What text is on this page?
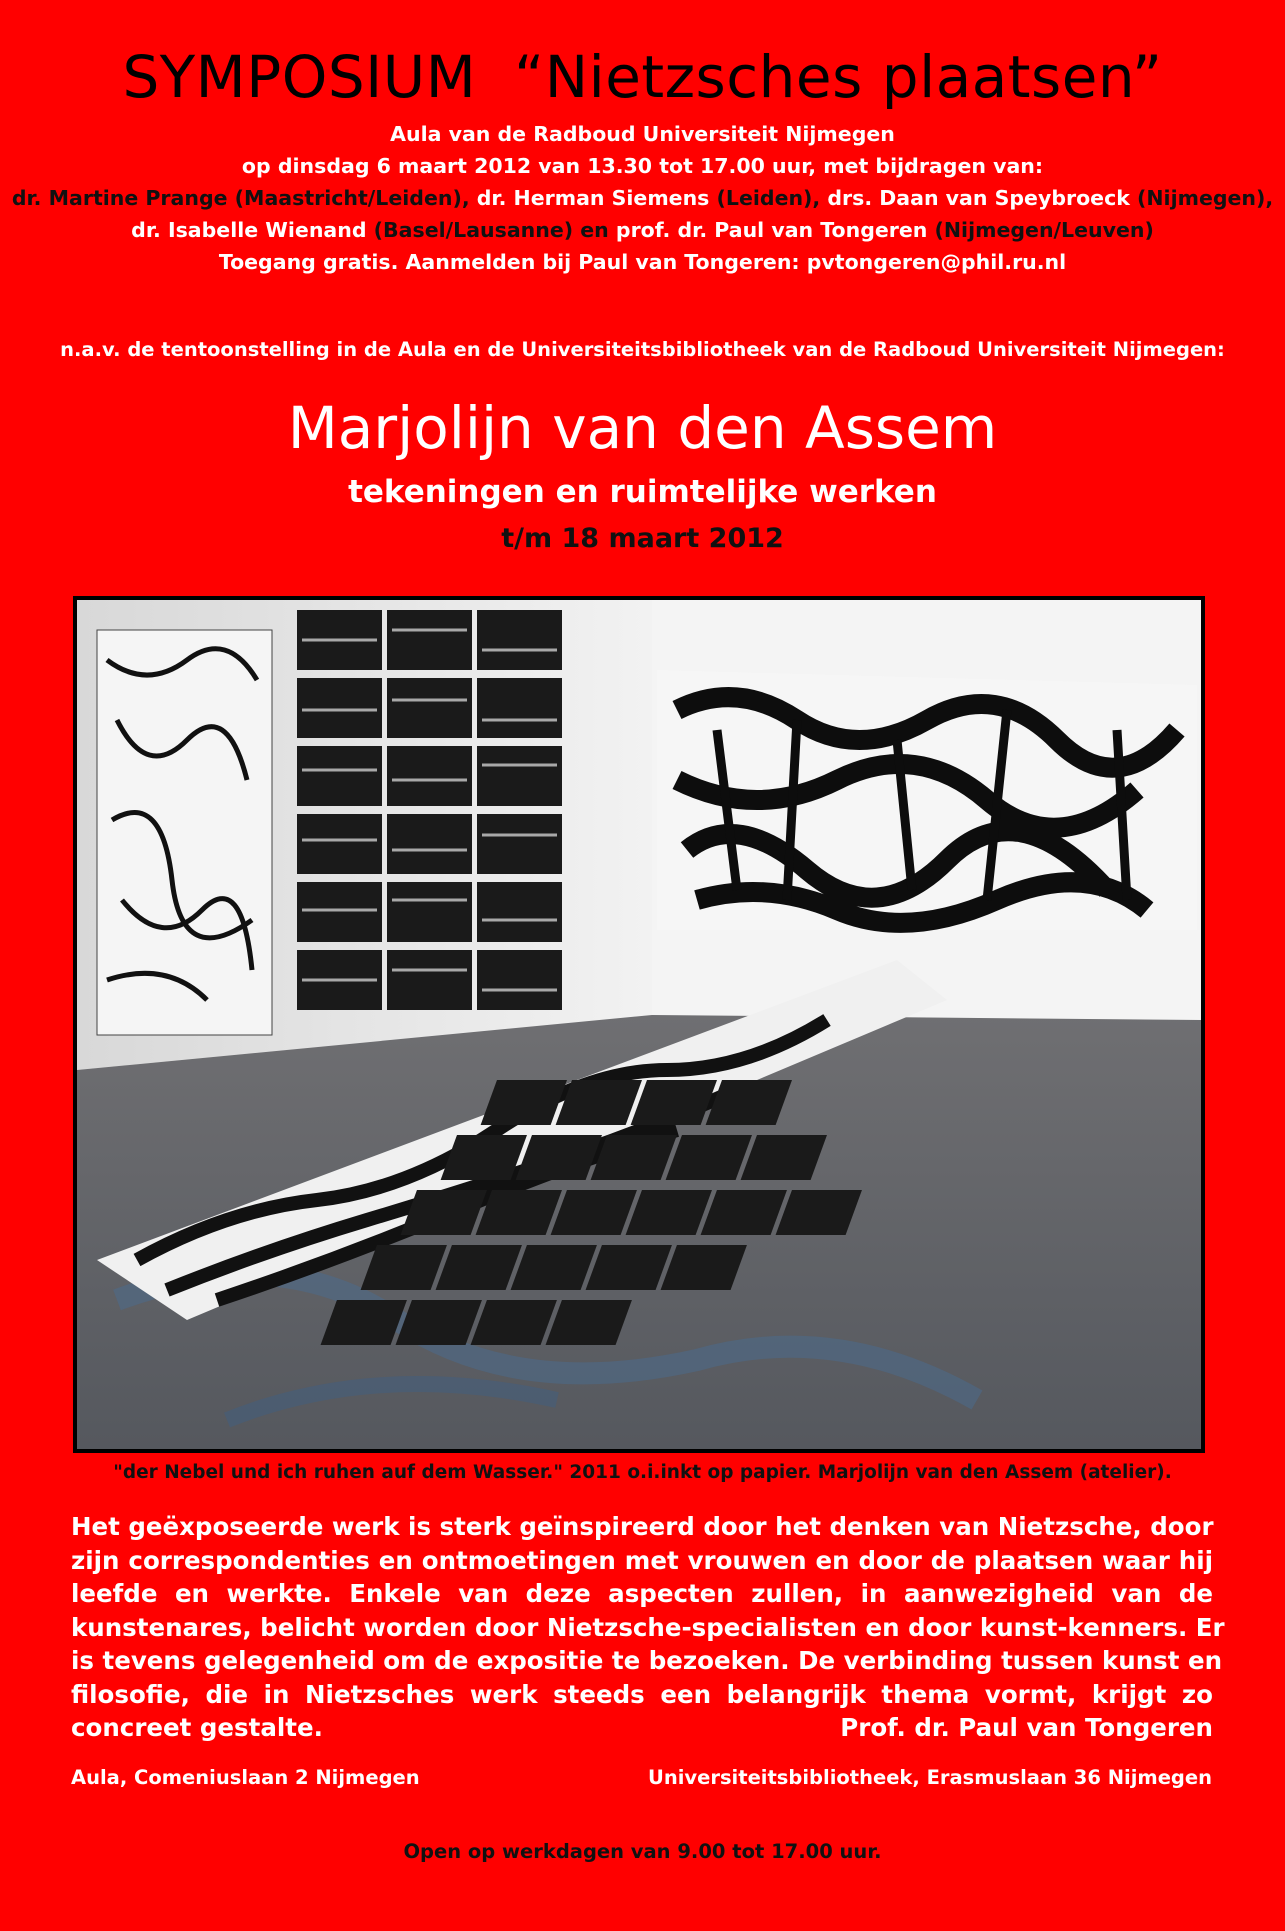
SYMPOSIUM  “Nietzsches plaatsen”
Aula van de Radboud Universiteit Nijmegen
op dinsdag 6 maart 2012 van 13.30 tot 17.00 uur, met bijdragen van:
dr. Martine Prange (Maastricht/Leiden), dr. Herman Siemens (Leiden), drs. Daan van Speybroeck (Nijmegen),
dr. Isabelle Wienand (Basel/Lausanne) en prof. dr. Paul van Tongeren (Nijmegen/Leuven)
Toegang gratis. Aanmelden bij Paul van Tongeren: pvtongeren@phil.ru.nl
n.a.v. de tentoonstelling in de Aula en de Universiteitsbibliotheek van de Radboud Universiteit Nijmegen:
Marjolijn van den Assem
tekeningen en ruimtelijke werken
t/m 18 maart 2012
"der Nebel und ich ruhen auf dem Wasser." 2011 o.i.inkt op papier. Marjolijn van den Assem (atelier).
Het geëxposeerde werk is sterk geïnspireerd door het denken van Nietzsche, door
zijn correspondenties en ontmoetingen met vrouwen en door de plaatsen waar hij
leefde en werkte. Enkele van deze aspecten zullen, in aanwezigheid van de
kunstenares, belicht worden door Nietzsche-specialisten en door kunst-kenners. Er
is tevens gelegenheid om de expositie te bezoeken. De verbinding tussen kunst en
filosofie, die in Nietzsches werk steeds een belangrijk thema vormt, krijgt zo
concreet gestalte.	Prof. dr. Paul van Tongeren
Aula, Comeniuslaan 2 Nijmegen	Universiteitsbibliotheek, Erasmuslaan 36 Nijmegen
Open op werkdagen van 9.00 tot 17.00 uur.
